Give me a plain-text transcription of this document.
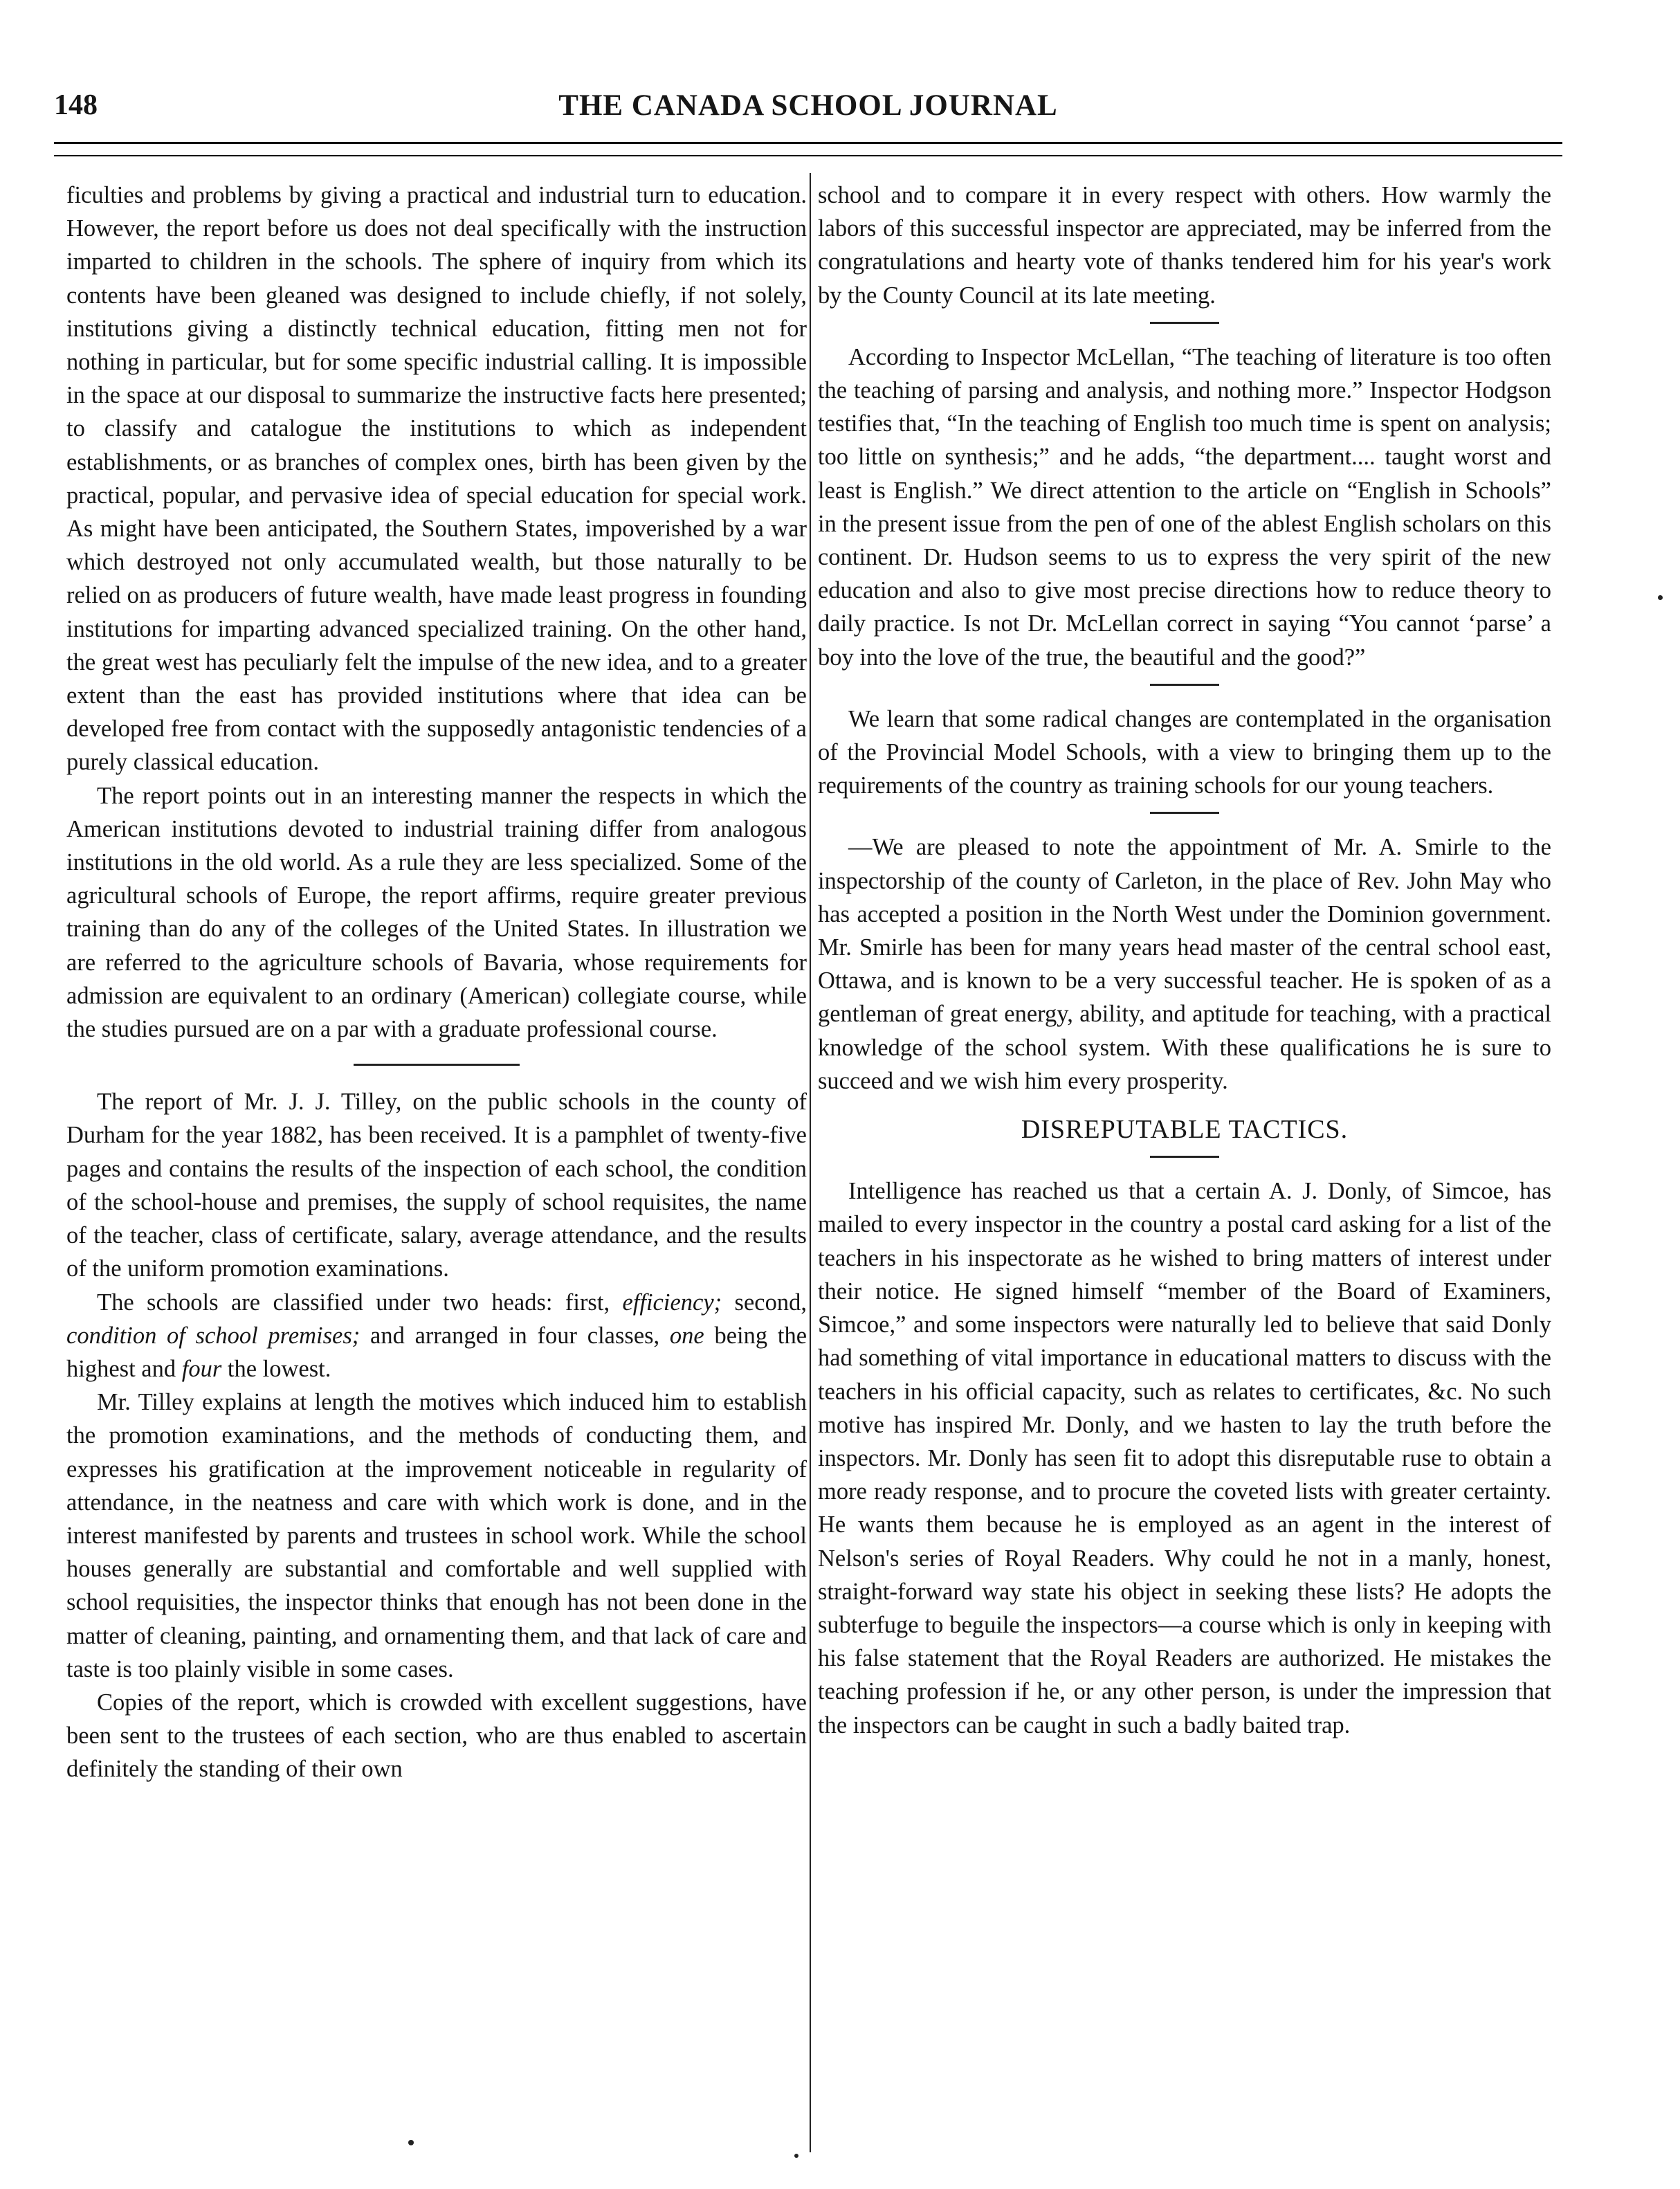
148	THE CANADA SCHOOL JOURNAL

ficulties and problems by giving a practical and industrial turn to education. However, the report before us does not deal specifically with the instruction imparted to children in the schools. The sphere of inquiry from which its contents have been gleaned was designed to include chiefly, if not solely, institutions giving a distinctly technical education, fitting men not for nothing in particular, but for some specific industrial calling. It is impossible in the space at our disposal to summarize the instructive facts here presented; to classify and catalogue the institutions to which as independent establishments, or as branches of complex ones, birth has been given by the practical, popular, and pervasive idea of special education for special work. As might have been anticipated, the Southern States, impoverished by a war which destroyed not only accumulated wealth, but those naturally to be relied on as producers of future wealth, have made least progress in founding institutions for imparting advanced specialized training. On the other hand, the great west has peculiarly felt the impulse of the new idea, and to a greater extent than the east has provided institutions where that idea can be developed free from contact with the supposedly antagonistic tendencies of a purely classical education.

The report points out in an interesting manner the respects in which the American institutions devoted to industrial training differ from analogous institutions in the old world. As a rule they are less specialized. Some of the agricultural schools of Europe, the report affirms, require greater previous training than do any of the colleges of the United States. In illustration we are referred to the agriculture schools of Bavaria, whose requirements for admission are equivalent to an ordinary (American) collegiate course, while the studies pursued are on a par with a graduate professional course.

The report of Mr. J. J. Tilley, on the public schools in the county of Durham for the year 1882, has been received. It is a pamphlet of twenty-five pages and contains the results of the inspection of each school, the condition of the school-house and premises, the supply of school requisites, the name of the teacher, class of certificate, salary, average attendance, and the results of the uniform promotion examinations.

The schools are classified under two heads: first, efficiency; second, condition of school premises; and arranged in four classes, one being the highest and four the lowest.

Mr. Tilley explains at length the motives which induced him to establish the promotion examinations, and the methods of conducting them, and expresses his gratification at the improvement noticeable in regularity of attendance, in the neatness and care with which work is done, and in the interest manifested by parents and trustees in school work. While the school houses generally are substantial and comfortable and well supplied with school requisities, the inspector thinks that enough has not been done in the matter of cleaning, painting, and ornamenting them, and that lack of care and taste is too plainly visible in some cases.

Copies of the report, which is crowded with excellent suggestions, have been sent to the trustees of each section, who are thus enabled to ascertain definitely the standing of their own

school and to compare it in every respect with others. How warmly the labors of this successful inspector are appreciated, may be inferred from the congratulations and hearty vote of thanks tendered him for his year's work by the County Council at its late meeting.

According to Inspector McLellan, “The teaching of literature is too often the teaching of parsing and analysis, and nothing more.” Inspector Hodgson testifies that, “In the teaching of English too much time is spent on analysis; too little on synthesis;” and he adds, “the department.... taught worst and least is English.” We direct attention to the article on “English in Schools” in the present issue from the pen of one of the ablest English scholars on this continent. Dr. Hudson seems to us to express the very spirit of the new education and also to give most precise directions how to reduce theory to daily practice. Is not Dr. McLellan correct in saying “You cannot ‘parse’ a boy into the love of the true, the beautiful and the good?”

We learn that some radical changes are contemplated in the organisation of the Provincial Model Schools, with a view to bringing them up to the requirements of the country as training schools for our young teachers.

—We are pleased to note the appointment of Mr. A. Smirle to the inspectorship of the county of Carleton, in the place of Rev. John May who has accepted a position in the North West under the Dominion government. Mr. Smirle has been for many years head master of the central school east, Ottawa, and is known to be a very successful teacher. He is spoken of as a gentleman of great energy, ability, and aptitude for teaching, with a practical knowledge of the school system. With these qualifications he is sure to succeed and we wish him every prosperity.

DISREPUTABLE TACTICS.

Intelligence has reached us that a certain A. J. Donly, of Simcoe, has mailed to every inspector in the country a postal card asking for a list of the teachers in his inspectorate as he wished to bring matters of interest under their notice. He signed himself “member of the Board of Examiners, Simcoe,” and some inspectors were naturally led to believe that said Donly had something of vital importance in educational matters to discuss with the teachers in his official capacity, such as relates to certificates, &c. No such motive has inspired Mr. Donly, and we hasten to lay the truth before the inspectors. Mr. Donly has seen fit to adopt this disreputable ruse to obtain a more ready response, and to procure the coveted lists with greater certainty. He wants them because he is employed as an agent in the interest of Nelson's series of Royal Readers. Why could he not in a manly, honest, straight-forward way state his object in seeking these lists? He adopts the subterfuge to beguile the inspectors—a course which is only in keeping with his false statement that the Royal Readers are authorized. He mistakes the teaching profession if he, or any other person, is under the impression that the inspectors can be caught in such a badly baited trap.
